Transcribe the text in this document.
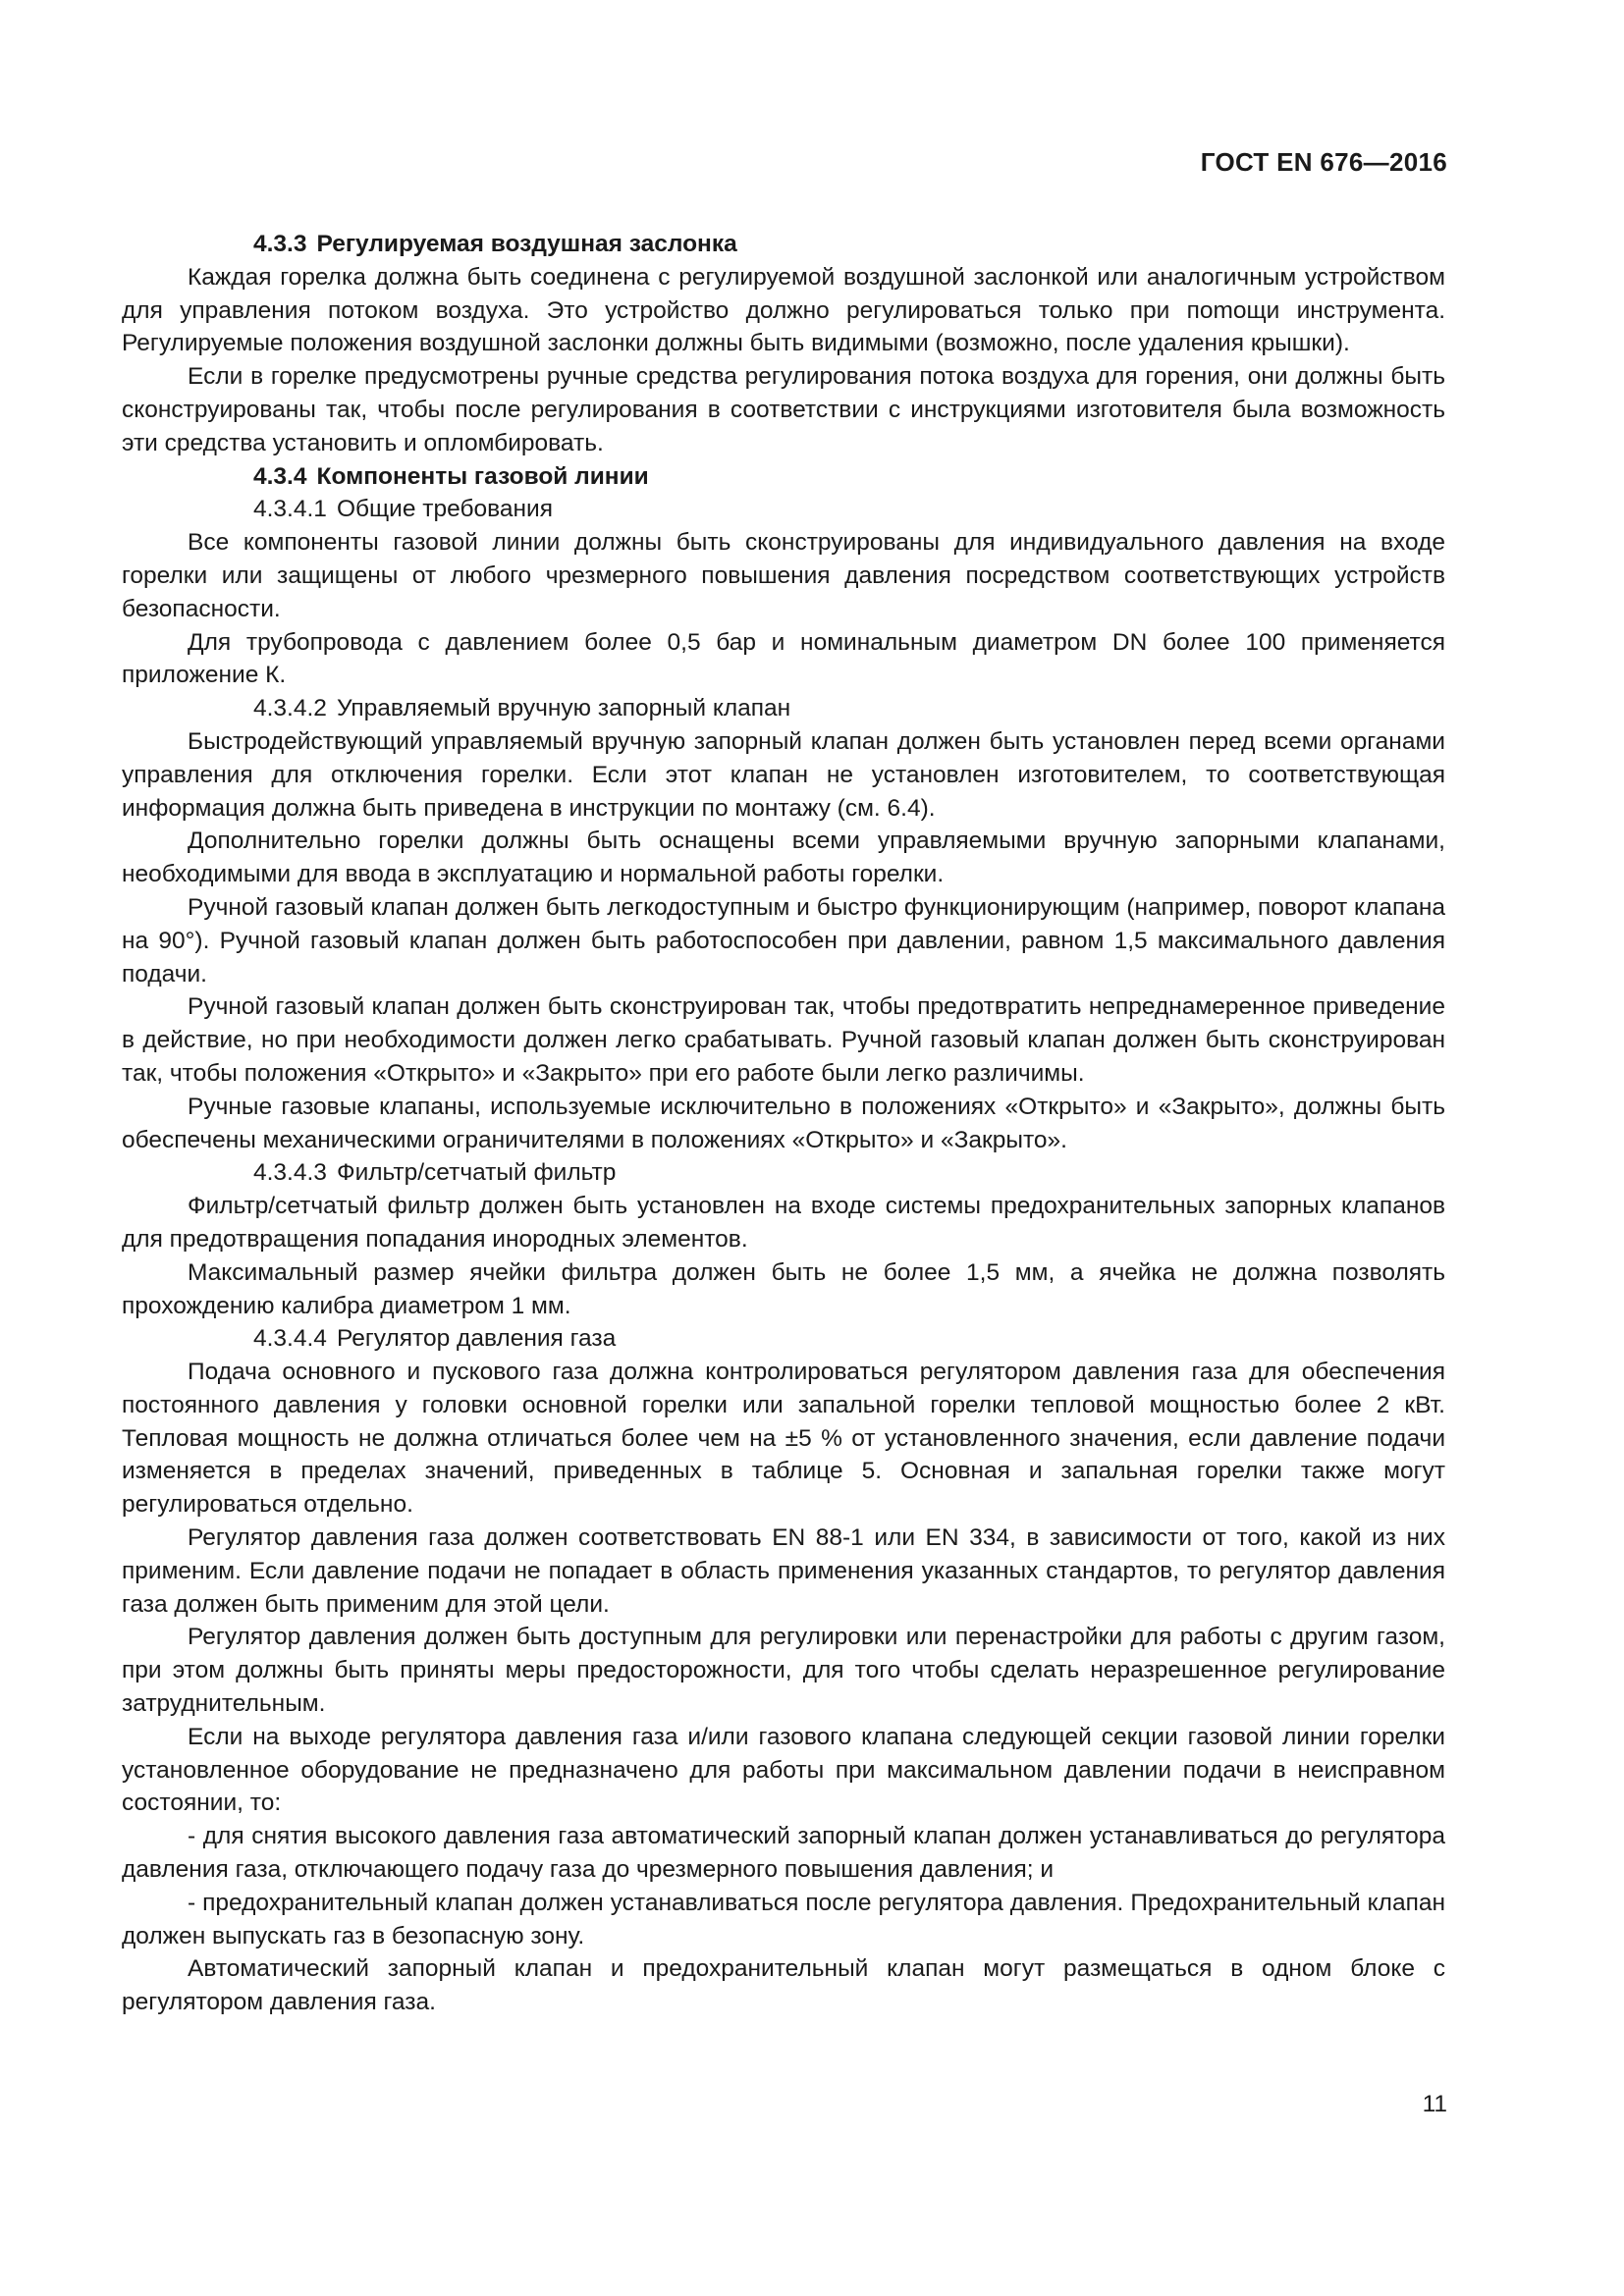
ГОСТ EN 676—2016

4.3.3 Регулируемая воздушная заслонка

Каждая горелка должна быть соединена с регулируемой воздушной заслонкой или аналогичным устройством для управления потоком воздуха. Это устройство должно регулироваться только при поmощи инструмента. Регулируемые положения воздушной заслонки должны быть видимыми (возможно, после удаления крышки).

Если в горелке предусмотрены ручные средства регулирования потока воздуха для горения, они должны быть сконструированы так, чтобы после регулирования в соответствии с инструкциями изготовителя была возможность эти средства установить и опломбировать.

4.3.4 Компоненты газовой линии

4.3.4.1 Общие требования

Все компоненты газовой линии должны быть сконструированы для индивидуального давления на входе горелки или защищены от любого чрезмерного повышения давления посредством соответствующих устройств безопасности.

Для трубопровода с давлением более 0,5 бар и номинальным диаметром DN более 100 применяется приложение К.

4.3.4.2 Управляемый вручную запорный клапан

Быстродействующий управляемый вручную запорный клапан должен быть установлен перед всеми органами управления для отключения горелки. Если этот клапан не установлен изготовителем, то соответствующая информация должна быть приведена в инструкции по монтажу (см. 6.4).

Дополнительно горелки должны быть оснащены всеми управляемыми вручную запорными клапанами, необходимыми для ввода в эксплуатацию и нормальной работы горелки.

Ручной газовый клапан должен быть легкодоступным и быстро функционирующим (например, поворот клапана на 90°). Ручной газовый клапан должен быть работоспособен при давлении, равном 1,5 максимального давления подачи.

Ручной газовый клапан должен быть сконструирован так, чтобы предотвратить непреднамеренное приведение в действие, но при необходимости должен легко срабатывать. Ручной газовый клапан должен быть сконструирован так, чтобы положения «Открыто» и «Закрыто» при его работе были легко различимы.

Ручные газовые клапаны, используемые исключительно в положениях «Открыто» и «Закрыто», должны быть обеспечены механическими ограничителями в положениях «Открыто» и «Закрыто».

4.3.4.3 Фильтр/сетчатый фильтр

Фильтр/сетчатый фильтр должен быть установлен на входе системы предохранительных запорных клапанов для предотвращения попадания инородных элементов.

Максимальный размер ячейки фильтра должен быть не более 1,5 мм, а ячейка не должна позволять прохождению калибра диаметром 1 мм.

4.3.4.4 Регулятор давления газа

Подача основного и пускового газа должна контролироваться регулятором давления газа для обеспечения постоянного давления у головки основной горелки или запальной горелки тепловой мощностью более 2 кВт. Тепловая мощность не должна отличаться более чем на ±5 % от установленного значения, если давление подачи изменяется в пределах значений, приведенных в таблице 5. Основная и запальная горелки также могут регулироваться отдельно.

Регулятор давления газа должен соответствовать EN 88-1 или EN 334, в зависимости от того, какой из них применим. Если давление подачи не попадает в область применения указанных стандартов, то регулятор давления газа должен быть применим для этой цели.

Регулятор давления должен быть доступным для регулировки или перенастройки для работы с другим газом, при этом должны быть приняты меры предосторожности, для того чтобы сделать неразрешенное регулирование затруднительным.

Если на выходе регулятора давления газа и/или газового клапана следующей секции газовой линии горелки установленное оборудование не предназначено для работы при максимальном давлении подачи в неисправном состоянии, то:

- для снятия высокого давления газа автоматический запорный клапан должен устанавливаться до регулятора давления газа, отключающего подачу газа до чрезмерного повышения давления; и

- предохранительный клапан должен устанавливаться после регулятора давления. Предохранительный клапан должен выпускать газ в безопасную зону.

Автоматический запорный клапан и предохранительный клапан могут размещаться в одном блоке с регулятором давления газа.

11
